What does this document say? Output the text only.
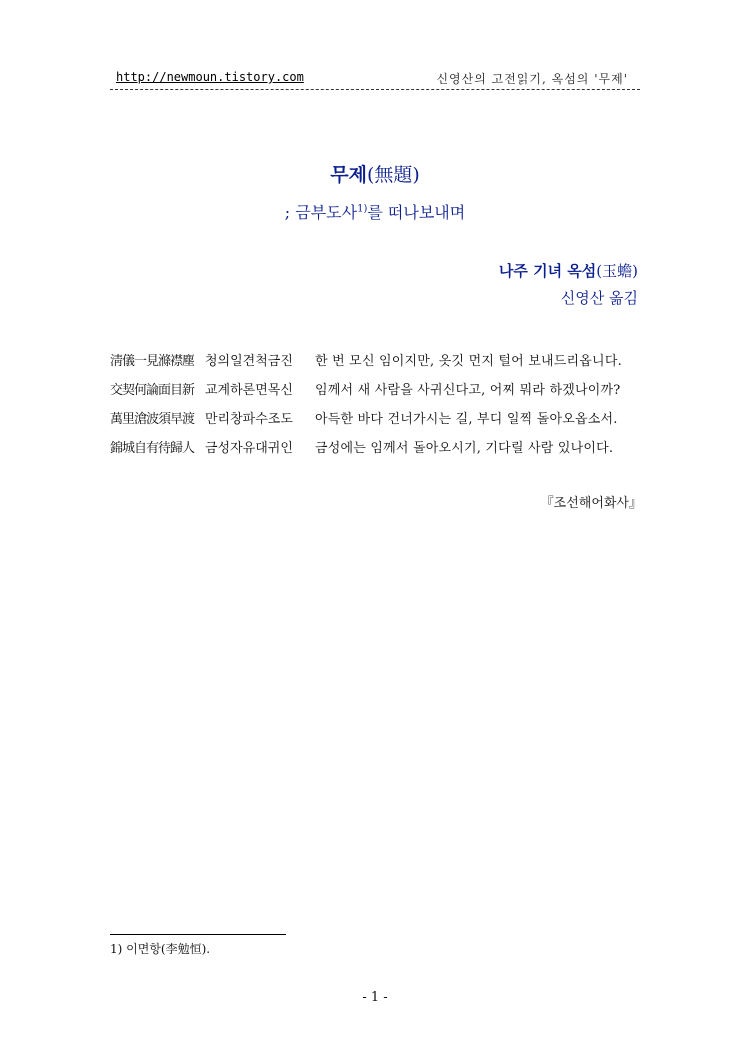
http://newmoun.tistory.com	신영산의 고전읽기, 옥섬의 '무제'
무제(無題)
; 금부도사$^{1)}$를 떠나보내며
나주 기녀 옥섬(玉蟾)
신영산 옮김
淸儀一見滌襟塵 청의일견척금진	한 번 모신 임이지만, 옷깃 먼지 털어 보내드리옵니다.
交契何論面目新 교계하론면목신	임께서 새 사람을 사귀신다고, 어찌 뭐라 하겠나이까?
萬里滄波須早渡 만리창파수조도	아득한 바다 건너가시는 길, 부디 일찍 돌아오옵소서.
錦城自有待歸人 금성자유대귀인	금성에는 임께서 돌아오시기, 기다릴 사람 있나이다.
『조선해어화사』
1) 이면항(李勉恒).
- 1 -
